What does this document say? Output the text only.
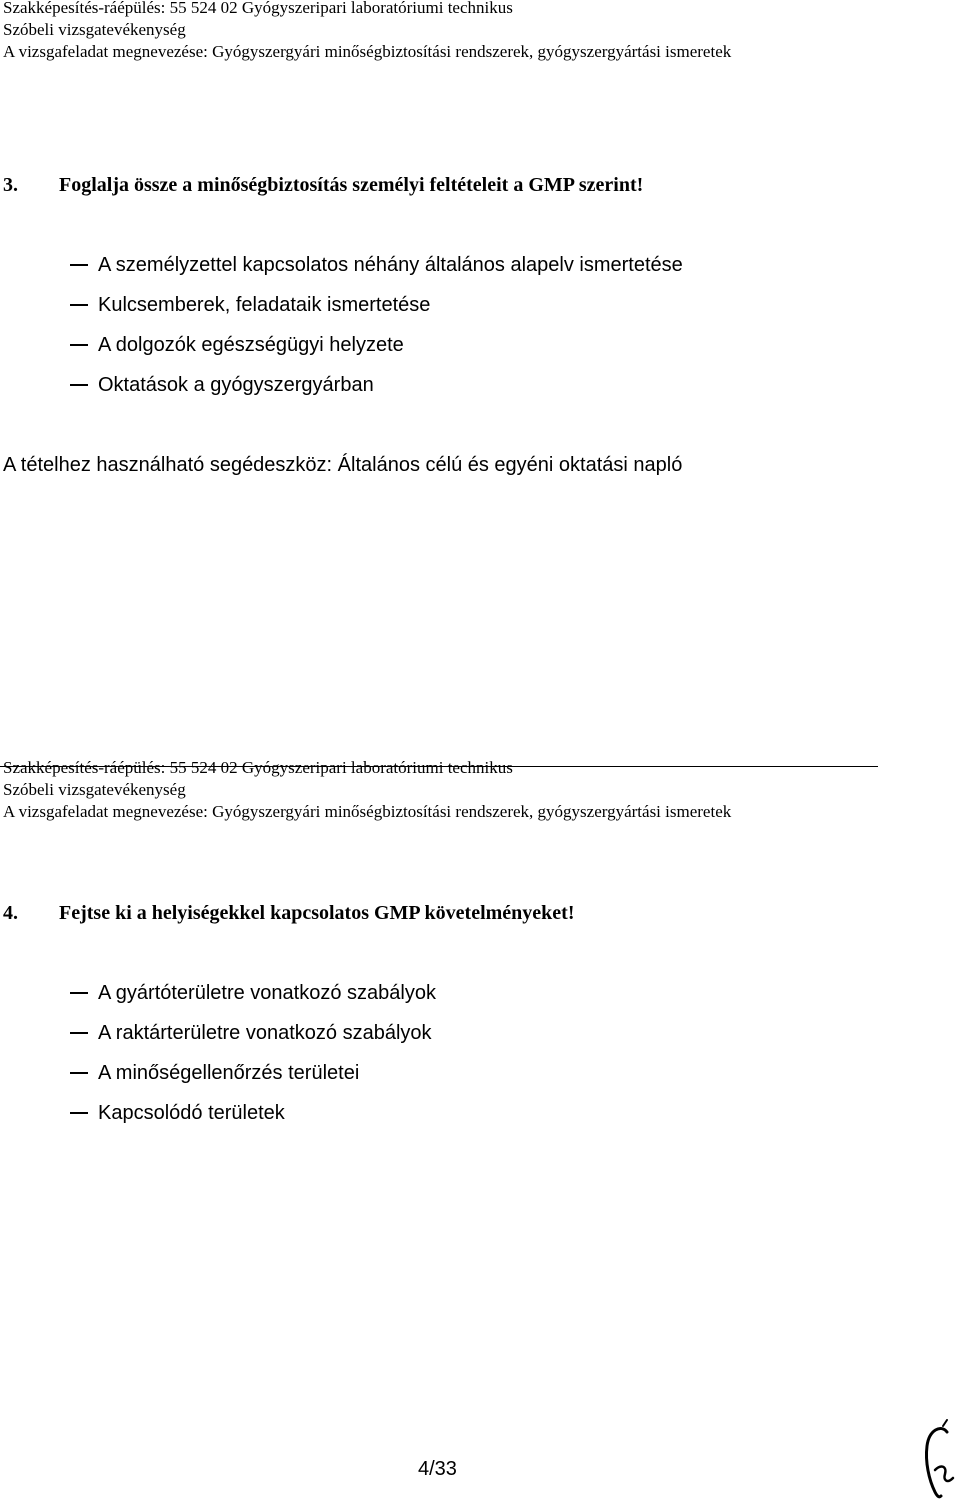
Szakképesítés-ráépülés: 55 524 02 Gyógyszeripari laboratóriumi technikus
Szóbeli vizsgatevékenység
A vizsgafeladat megnevezése: Gyógyszergyári minőségbiztosítási rendszerek, gyógyszergyártási ismeretek
3. Foglalja össze a minőségbiztosítás személyi feltételeit a GMP szerint!
A személyzettel kapcsolatos néhány általános alapelv ismertetése
Kulcsemberek, feladataik ismertetése
A dolgozók egészségügyi helyzete
Oktatások a gyógyszergyárban
A tételhez használható segédeszköz: Általános célú és egyéni oktatási napló
Szakképesítés-ráépülés: 55 524 02 Gyógyszeripari laboratóriumi technikus
Szóbeli vizsgatevékenység
A vizsgafeladat megnevezése: Gyógyszergyári minőségbiztosítási rendszerek, gyógyszergyártási ismeretek
4. Fejtse ki a helyiségekkel kapcsolatos GMP követelményeket!
A gyártóterületre vonatkozó szabályok
A raktárterületre vonatkozó szabályok
A minőségellenőrzés területei
Kapcsolódó területek
4/33
